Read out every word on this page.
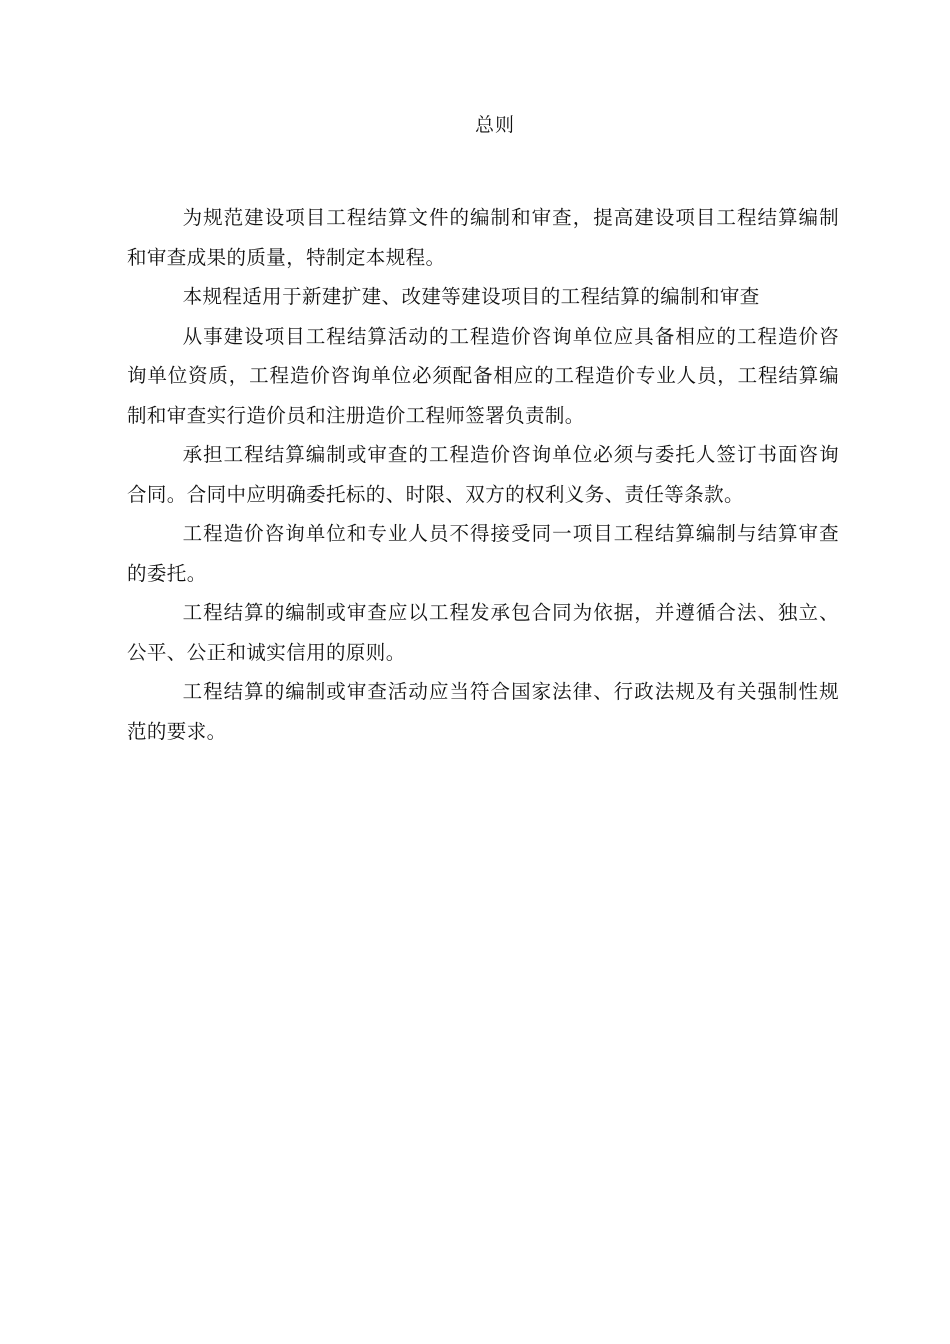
总则

为规范建设项目工程结算文件的编制和审查，提高建设项目工程结算编制和审查成果的质量，特制定本规程。

本规程适用于新建扩建、改建等建设项目的工程结算的编制和审查

从事建设项目工程结算活动的工程造价咨询单位应具备相应的工程造价咨询单位资质，工程造价咨询单位必须配备相应的工程造价专业人员，工程结算编制和审查实行造价员和注册造价工程师签署负责制。

承担工程结算编制或审查的工程造价咨询单位必须与委托人签订书面咨询合同。合同中应明确委托标的、时限、双方的权利义务、责任等条款。

工程造价咨询单位和专业人员不得接受同一项目工程结算编制与结算审查的委托。

工程结算的编制或审查应以工程发承包合同为依据，并遵循合法、独立、公平、公正和诚实信用的原则。

工程结算的编制或审查活动应当符合国家法律、行政法规及有关强制性规范的要求。
